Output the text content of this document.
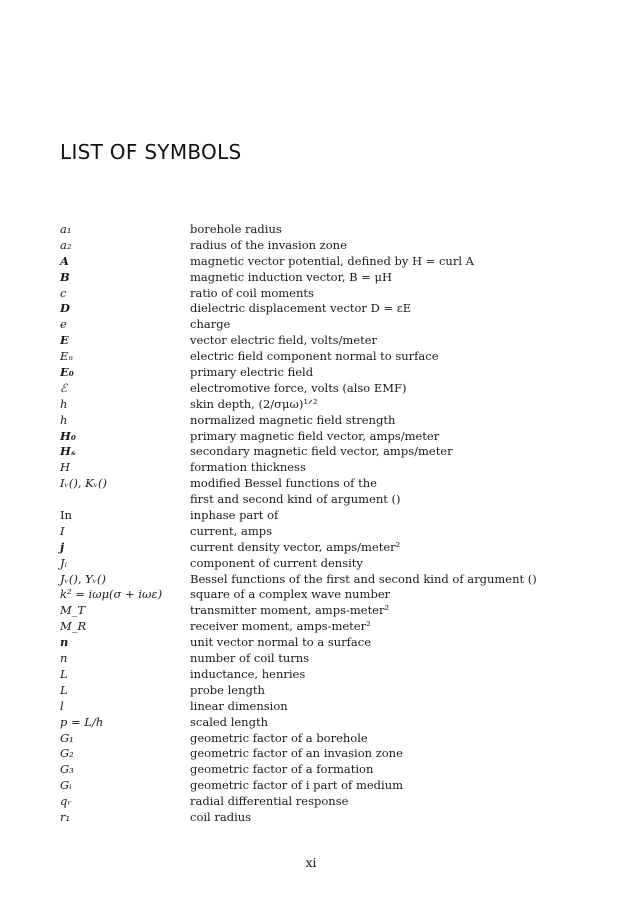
LIST OF SYMBOLS
a₁	borehole radius
a₂	radius of the invasion zone
A	magnetic vector potential, defined by H = curl A
B	magnetic induction vector, B = μH
c	ratio of coil moments
D	dielectric displacement vector D = εE
e	charge
E	vector electric field, volts/meter
Eₙ	electric field component normal to surface
E₀	primary electric field
ℰ	electromotive force, volts (also EMF)
h	skin depth, (2/σμω)¹ᐟ²
h	normalized magnetic field strength
H₀	primary magnetic field vector, amps/meter
Hₛ	secondary magnetic field vector, amps/meter
H	formation thickness
Iᵥ(), Kᵥ()	modified Bessel functions of the
first and second kind of argument ()
In	inphase part of
I	current, amps
j	current density vector, amps/meter²
Jᵢ	component of current density
Jᵥ(), Yᵥ()	Bessel functions of the first and second kind of argument ()
k² = iωμ(σ + iωε)	square of a complex wave number
M_T	transmitter moment, amps-meter²
M_R	receiver moment, amps-meter²
n	unit vector normal to a surface
n	number of coil turns
L	inductance, henries
L	probe length
l	linear dimension
p = L/h	scaled length
G₁	geometric factor of a borehole
G₂	geometric factor of an invasion zone
G₃	geometric factor of a formation
Gᵢ	geometric factor of i part of medium
qᵣ	radial differential response
r₁	coil radius
xi
